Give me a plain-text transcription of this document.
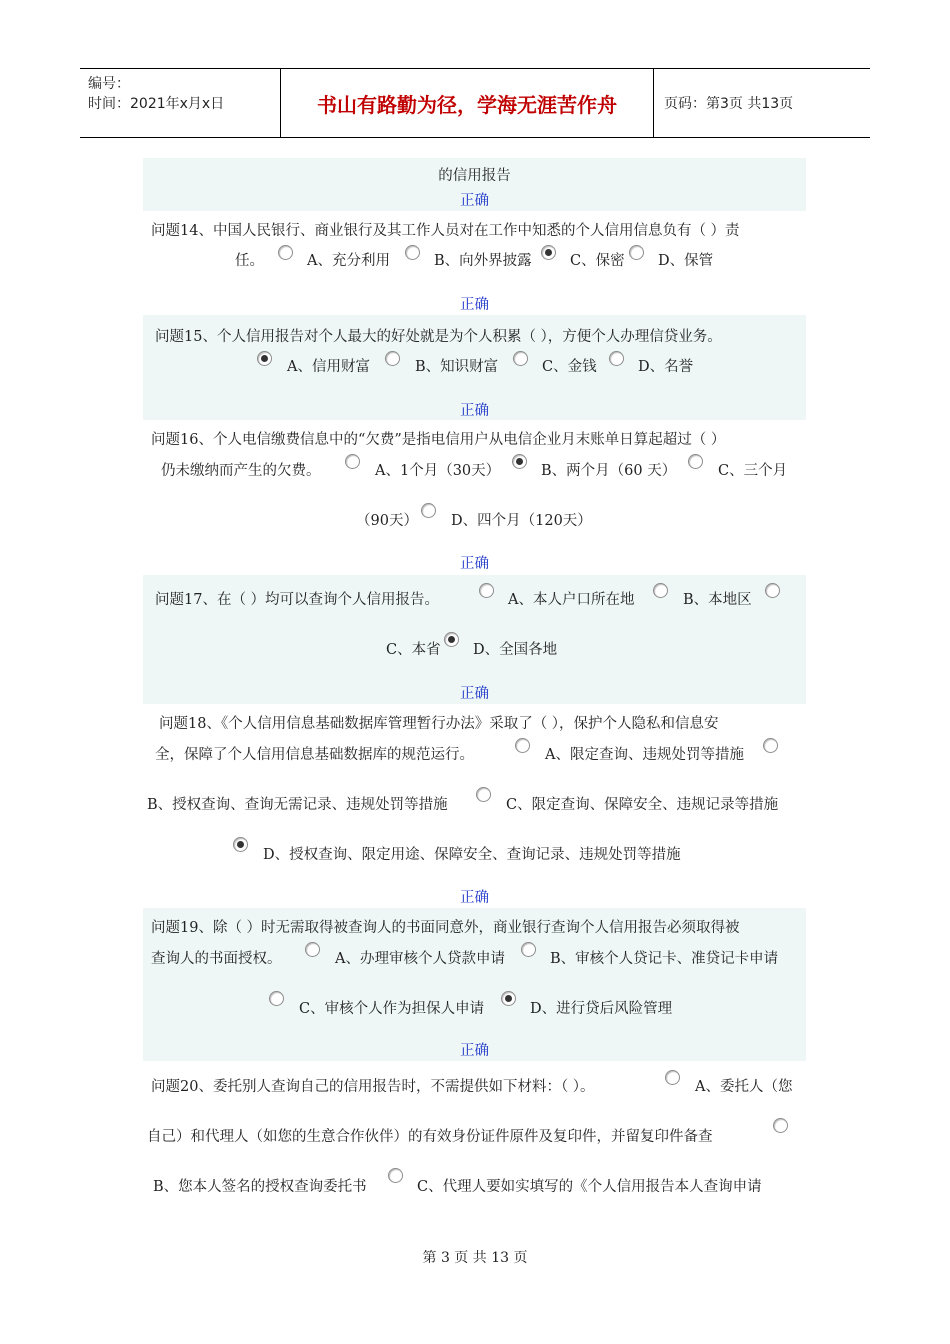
编号：
时间：2021年x月x日	书山有路勤为径，学海无涯苦作舟	页码：第3页 共13页
的信用报告
正确
问题14、中国人民银行、商业银行及其工作人员对在工作中知悉的个人信用信息负有（ ）责
任。	A、充分利用	B、向外界披露	C、保密 D、保管
正确
问题15、个人信用报告对个人最大的好处就是为个人积累（ ），方便个人办理信贷业务。
A、信用财富	B、知识财富	C、金钱	D、名誉
正确
问题16、个人电信缴费信息中的“欠费”是指电信用户从电信企业月末账单日算起超过（ ）
仍未缴纳而产生的欠费。	A、1个月（30天）	B、两个月（60 天）	C、三个月
（90天） D、四个月（120天）
正确
问题17、在（ ）均可以查询个人信用报告。	A、本人户口所在地	B、本地区
C、本省 D、全国各地
正确
问题18、《个人信用信息基础数据库管理暂行办法》采取了（ ），保护个人隐私和信息安
全，保障了个人信用信息基础数据库的规范运行。	A、限定查询、违规处罚等措施
B、授权查询、查询无需记录、违规处罚等措施	C、限定查询、保障安全、违规记录等措施
D、授权查询、限定用途、保障安全、查询记录、违规处罚等措施
正确
问题19、除（ ）时无需取得被查询人的书面同意外，商业银行查询个人信用报告必须取得被
查询人的书面授权。	A、办理审核个人贷款申请	B、审核个人贷记卡、准贷记卡申请
C、审核个人作为担保人申请	D、进行贷后风险管理
正确
问题20、委托别人查询自己的信用报告时，不需提供如下材料：（ ）。	A、委托人（您
自己）和代理人（如您的生意合作伙伴）的有效身份证件原件及复印件，并留复印件备查
B、您本人签名的授权查询委托书	C、代理人要如实填写的《个人信用报告本人查询申请
第 3 页 共 13 页
